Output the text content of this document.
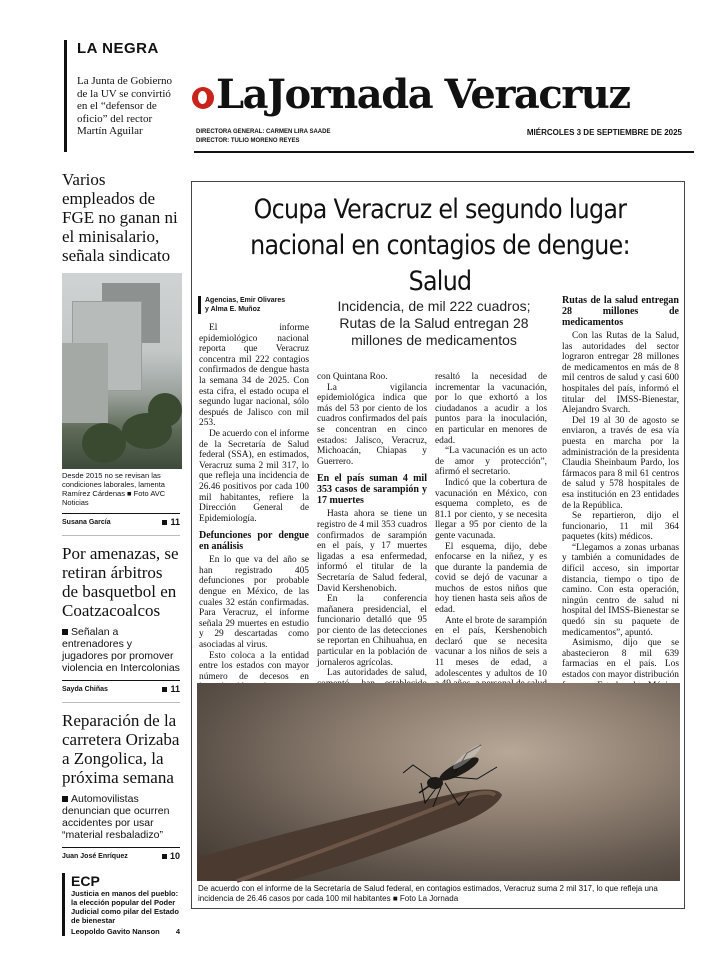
LA NEGRA
La Junta de Gobierno de la UV se convirtió en el “defensor de oficio” del rector Martín Aguilar
LaJornada Veracruz
DIRECTORA GENERAL: CARMEN LIRA SAADE
DIRECTOR: TULIO MORENO REYES
MIÉRCOLES 3 DE SEPTIEMBRE DE 2025
Varios empleados de FGE no ganan ni el minisalario, señala sindicato
Desde 2015 no se revisan las condiciones laborales, lamenta Ramírez Cárdenas ■ Foto AVC Noticias
Susana García	11
Por amenazas, se retiran árbitros de basquetbol en Coatzacoalcos
Señalan a entrenadores y jugadores por promover violencia en Intercolonias
Sayda Chiñas	11
Reparación de la carretera Orizaba a Zongolica, la próxima semana
Automovilistas denuncian que ocurren accidentes por usar “material resbaladizo”
Juan José Enríquez	10
ECP
Justicia en manos del pueblo: la elección popular del Poder Judicial como pilar del Estado de bienestar
Leopoldo Gavito Nanson 4
Ocupa Veracruz el segundo lugar nacional en contagios de dengue: Salud
Agencias, Emir Olivares
y Alma E. Muñoz	Incidencia, de mil 222 cuadros; Rutas de la Salud entregan 28 millones de medicamentos

El informe epidemiológico nacional reporta que Veracruz concentra mil 222 contagios confirmados de dengue hasta la semana 34 de 2025. Con esta cifra, el estado ocupa el segundo lugar nacional, sólo después de Jalisco con mil 253.

De acuerdo con el informe de la Secretaría de Salud federal (SSA), en estimados, Veracruz suma 2 mil 317, lo que refleja una incidencia de 26.46 positivos por cada 100 mil habitantes, refiere la Dirección General de Epidemiología.

Defunciones por dengue en análisis

En lo que va del año se han registrado 405 defunciones por probable dengue en México, de las cuales 32 están confirmadas. Para Veracruz, el informe señala 29 muertes en estudio y 29 descartadas como asociadas al virus.

Esto coloca a la entidad entre los estados con mayor número de decesos en

con Quintana Roo.

La vigilancia epidemiológica indica que más del 53 por ciento de los cuadros confirmados del país se concentran en cinco estados: Jalisco, Veracruz, Michoacán, Chiapas y Guerrero.

En el país suman 4 mil 353 casos de sarampión y 17 muertes

Hasta ahora se tiene un registro de 4 mil 353 cuadros confirmados de sarampión en el país, y 17 muertes ligadas a esa enfermedad, informó el titular de la Secretaría de Salud federal, David Kershenobich.

En la conferencia mañanera presidencial, el funcionario detalló que 95 por ciento de las detecciones se reportan en Chihuahua, en particular en la población de jornaleros agrícolas.

Las autoridades de salud,

resaltó la necesidad de incrementar la vacunación, por lo que exhortó a los ciudadanos a acudir a los puntos para la inoculación, en particular en menores de edad.

“La vacunación es un acto de amor y protección”, afirmó el secretario.

Indicó que la cobertura de vacunación en México, con esquema completo, es de 81.1 por ciento, y se necesita llegar a 95 por ciento de la gente vacunada.

El esquema, dijo, debe enfocarse en la niñez, y es que durante la pandemia de covid se dejó de vacunar a muchos de estos niños que hoy tienen hasta seis años de edad.

Ante el brote de sarampión en el país, Kershenobich declaró que se necesita vacunar a los niños de seis a 11 meses de edad, a adolescentes y adultos de 10

Rutas de la salud entregan 28 millones de medicamentos

Con las Rutas de la Salud, las autoridades del sector lograron entregar 28 millones de medicamentos en más de 8 mil centros de salud y casi 600 hospitales del país, informó el titular del IMSS-Bienestar, Alejandro Svarch.

Del 19 al 30 de agosto se enviaron, a través de esa vía puesta en marcha por la administración de la presidenta Claudia Sheinbaum Pardo, los fármacos para 8 mil 61 centros de salud y 578 hospitales de esa institución en 23 entidades de la República.

Se repartieron, dijo el funcionario, 11 mil 364 paquetes (kits) médicos.

“Llegamos a zonas urbanas y también a comunidades de difícil acceso, sin importar distancia, tiempo o tipo de camino. Con esta operación, ningún centro de salud ni hospital del IMSS-Bienestar se quedó sin su paquete de medicamentos”, apuntó.

Asimismo, dijo que se abastecieron 8 mil 639 farmacias en el país. Los estados con mayor distribución

De acuerdo con el informe de la Secretaría de Salud federal, en contagios estimados, Veracruz suma 2 mil 317, lo que refleja una incidencia de 26.46 casos por cada 100 mil habitantes ■ Foto La Jornada
